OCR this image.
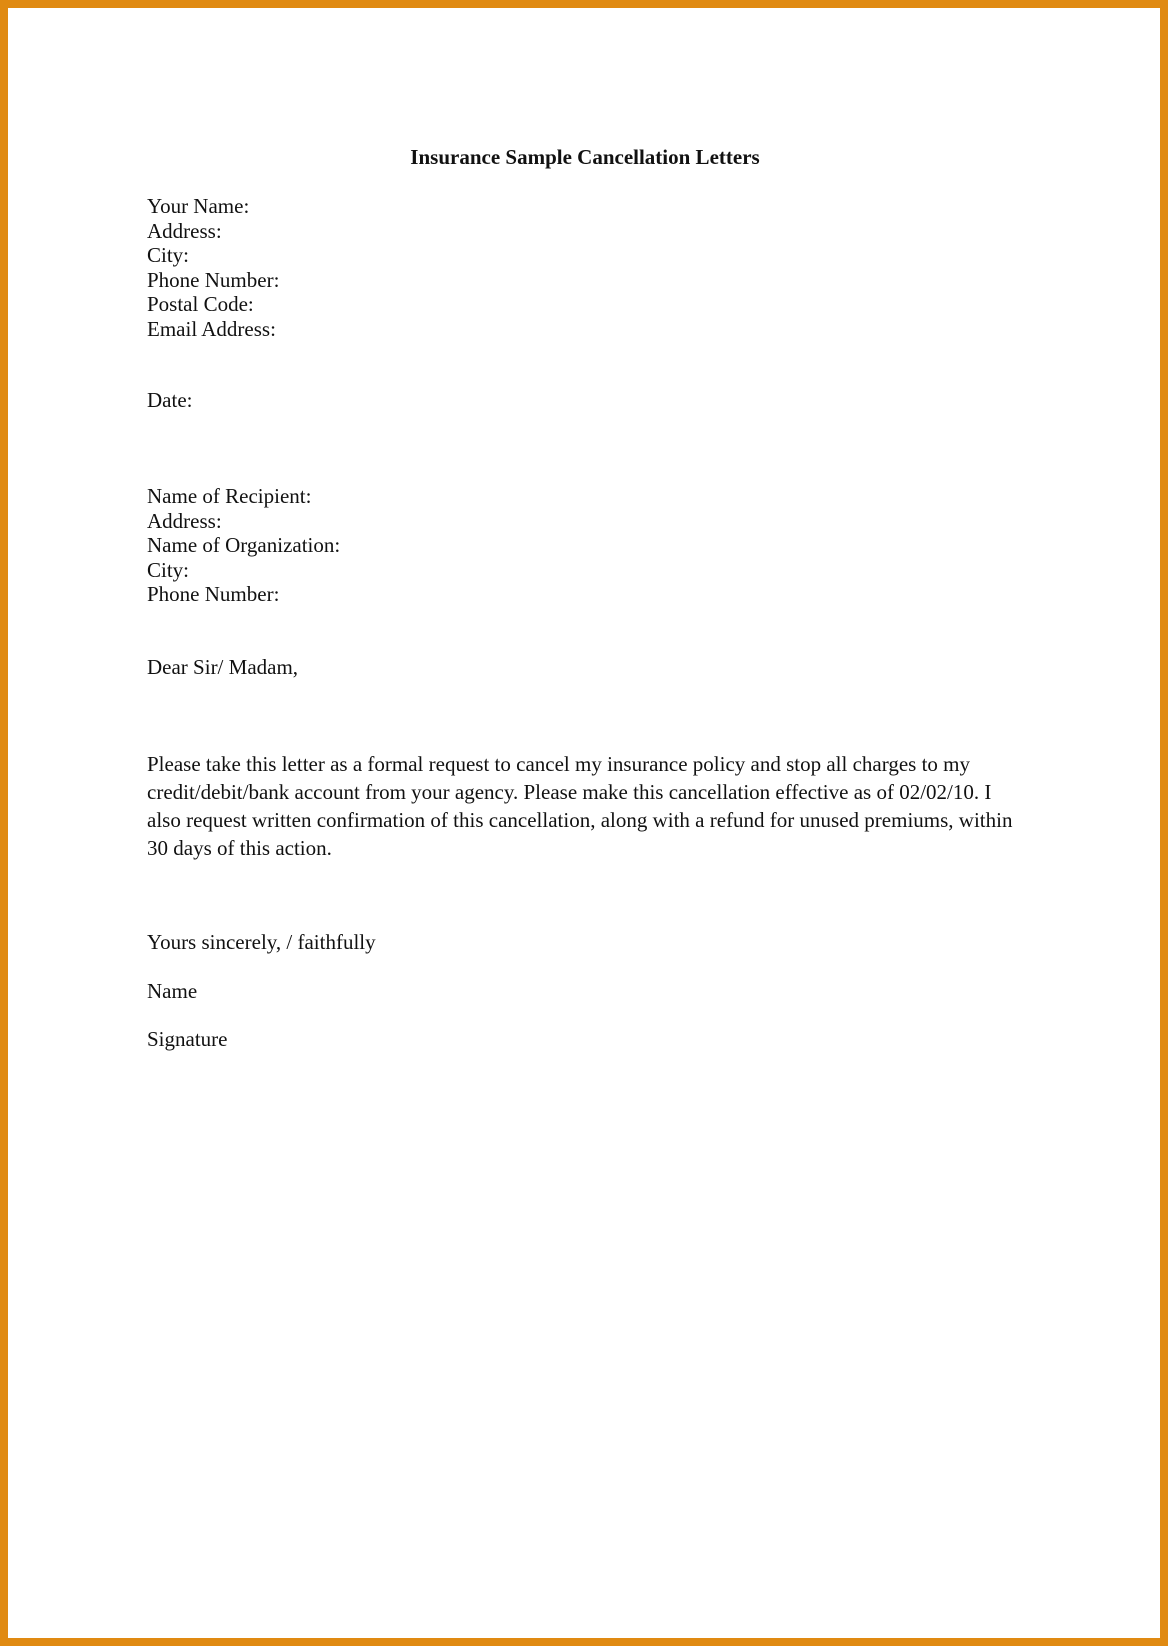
Insurance Sample Cancellation Letters
Your Name:
Address:
City:
Phone Number:
Postal Code:
Email Address:

Date:

Name of Recipient:
Address:
Name of Organization:
City:
Phone Number:

Dear Sir/ Madam,

Please take this letter as a formal request to cancel my insurance policy and stop all charges to my credit/debit/bank account from your agency. Please make this cancellation effective as of 02/02/10. I also request written confirmation of this cancellation, along with a refund for unused premiums, within 30 days of this action.

Yours sincerely, / faithfully

Name

Signature
